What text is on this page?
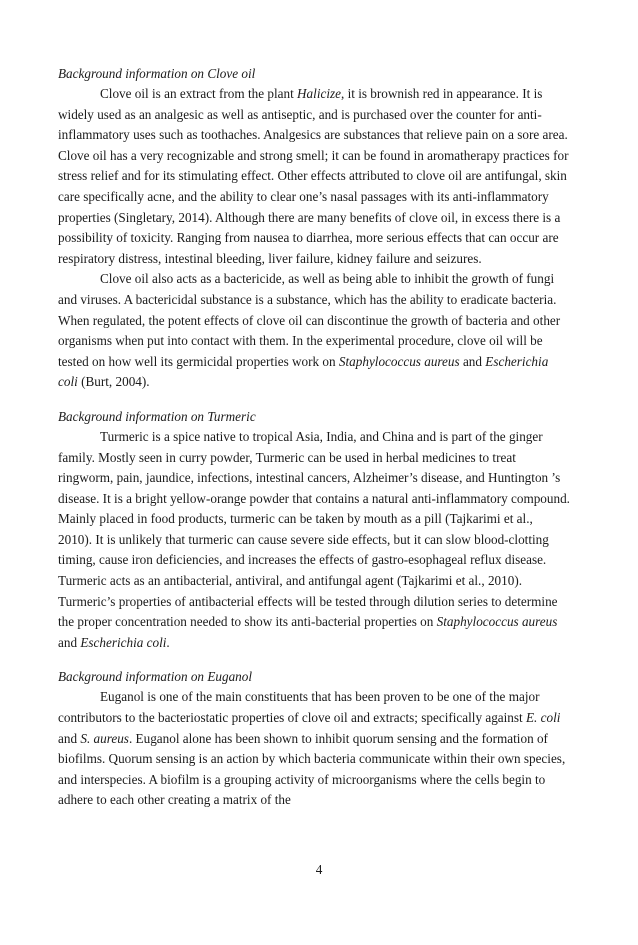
Background information on Clove oil

Clove oil is an extract from the plant Halicize, it is brownish red in appearance. It is widely used as an analgesic as well as antiseptic, and is purchased over the counter for anti-inflammatory uses such as toothaches. Analgesics are substances that relieve pain on a sore area. Clove oil has a very recognizable and strong smell; it can be found in aromatherapy practices for stress relief and for its stimulating effect. Other effects attributed to clove oil are antifungal, skin care specifically acne, and the ability to clear one’s nasal passages with its anti-inflammatory properties (Singletary, 2014). Although there are many benefits of clove oil, in excess there is a possibility of toxicity. Ranging from nausea to diarrhea, more serious effects that can occur are respiratory distress, intestinal bleeding, liver failure, kidney failure and seizures.

Clove oil also acts as a bactericide, as well as being able to inhibit the growth of fungi and viruses. A bactericidal substance is a substance, which has the ability to eradicate bacteria. When regulated, the potent effects of clove oil can discontinue the growth of bacteria and other organisms when put into contact with them. In the experimental procedure, clove oil will be tested on how well its germicidal properties work on Staphylococcus aureus and Escherichia coli (Burt, 2004).

Background information on Turmeric

Turmeric is a spice native to tropical Asia, India, and China and is part of the ginger family. Mostly seen in curry powder, Turmeric can be used in herbal medicines to treat ringworm, pain, jaundice, infections, intestinal cancers, Alzheimer’s disease, and Huntington ’s disease. It is a bright yellow-orange powder that contains a natural anti-inflammatory compound. Mainly placed in food products, turmeric can be taken by mouth as a pill (Tajkarimi et al., 2010). It is unlikely that turmeric can cause severe side effects, but it can slow blood-clotting timing, cause iron deficiencies, and increases the effects of gastro-esophageal reflux disease. Turmeric acts as an antibacterial, antiviral, and antifungal agent (Tajkarimi et al., 2010). Turmeric’s properties of antibacterial effects will be tested through dilution series to determine the proper concentration needed to show its anti-bacterial properties on Staphylococcus aureus and Escherichia coli.

Background information on Euganol

Euganol is one of the main constituents that has been proven to be one of the major contributors to the bacteriostatic properties of clove oil and extracts; specifically against E. coli and S. aureus. Euganol alone has been shown to inhibit quorum sensing and the formation of biofilms. Quorum sensing is an action by which bacteria communicate within their own species, and interspecies. A biofilm is a grouping activity of microorganisms where the cells begin to adhere to each other creating a matrix of the

4
